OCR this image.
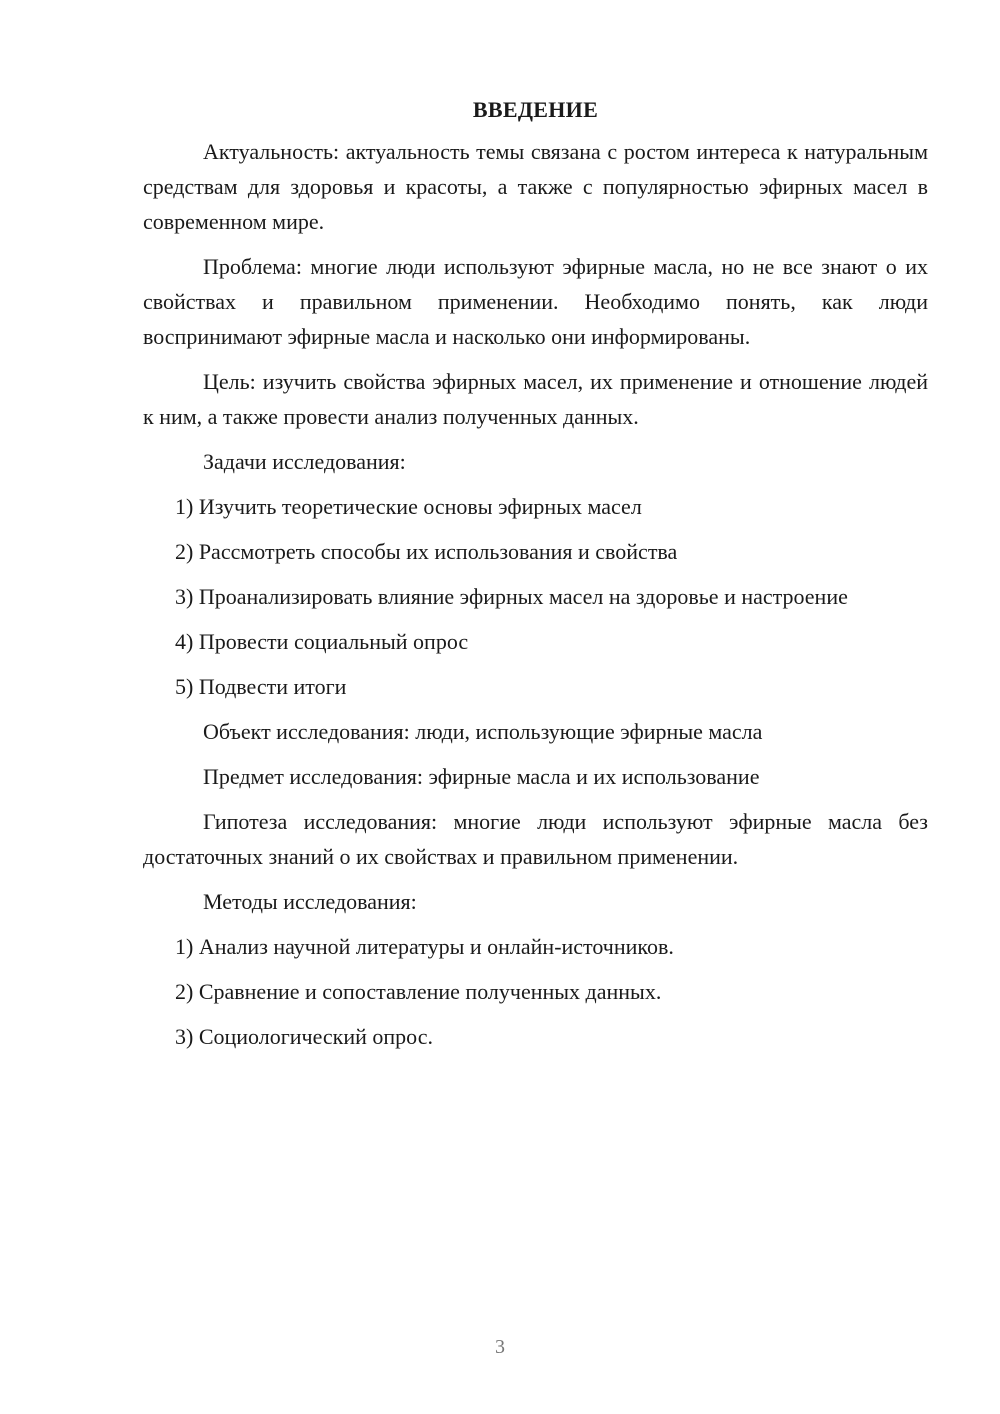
ВВЕДЕНИЕ

Актуальность: актуальность темы связана с ростом интереса к натуральным средствам для здоровья и красоты, а также с популярностью эфирных масел в современном мире.

Проблема: многие люди используют эфирные масла, но не все знают о их свойствах и правильном применении. Необходимо понять, как люди воспринимают эфирные масла и насколько они информированы.

Цель: изучить свойства эфирных масел, их применение и отношение людей к ним, а также провести анализ полученных данных.

Задачи исследования:

1) Изучить теоретические основы эфирных масел

2) Рассмотреть способы их использования и свойства

3) Проанализировать влияние эфирных масел на здоровье и настроение

4) Провести социальный опрос

5) Подвести итоги

Объект исследования: люди, использующие эфирные масла

Предмет исследования: эфирные масла и их использование

Гипотеза исследования: многие люди используют эфирные масла без достаточных знаний о их свойствах и правильном применении.

Методы исследования:

1) Анализ научной литературы и онлайн-источников.

2) Сравнение и сопоставление полученных данных.

3) Социологический опрос.

3
